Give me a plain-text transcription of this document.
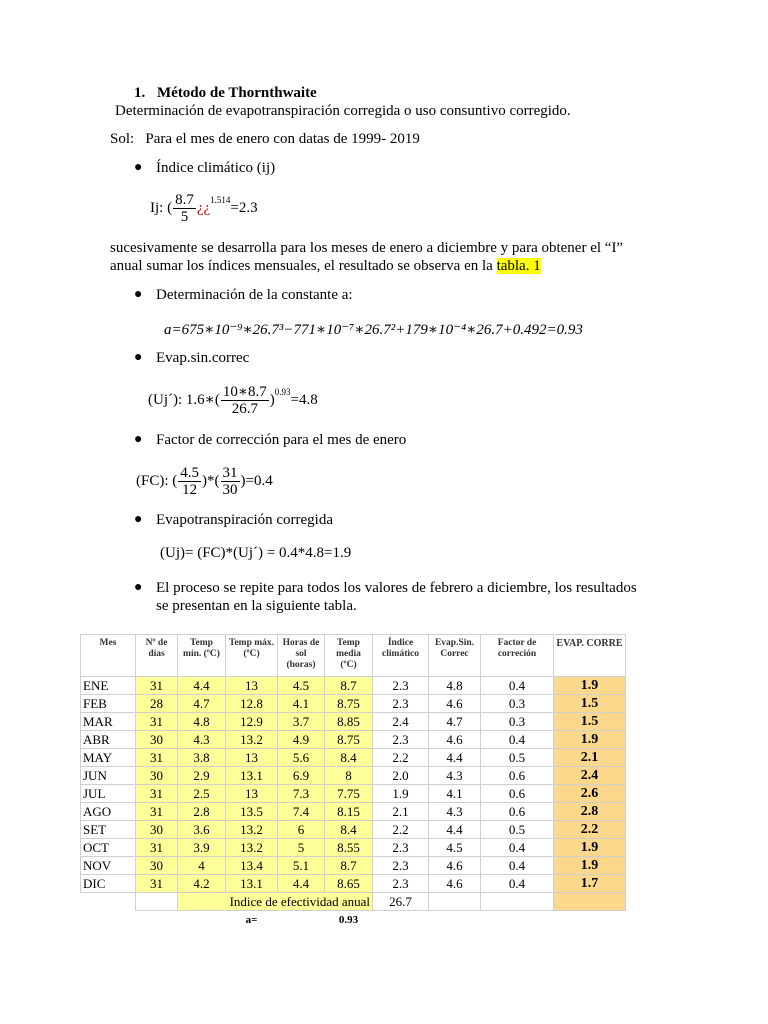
1. Método de Thornthwaite
Determinación de evapotranspiración corregida o uso consuntivo corregido.
Sol:   Para el mes de enero con datas de 1999- 2019
● Índice climático (ij)
Ij: ( $\frac{8.7}{5}$ ¿¿$^{1.514}$=2.3
sucesivamente se desarrolla para los meses de enero a diciembre y para obtener el “I”
anual sumar los índices mensuales, el resultado se observa en la tabla. 1
● Determinación de la constante a:
a=675∗10⁻⁹∗26.7³−771∗10⁻⁷∗26.7²+179∗10⁻⁴∗26.7+0.492=0.93
● Evap.sin.correc
(Uj´): 1.6∗( $\frac{10∗8.7}{26.7} )^{0.93}=4.8$
● Factor de corrección para el mes de enero
(FC): ( $\frac{4.5}{12}$ )*( $\frac{31}{30} )=0.4$
● Evapotranspiración corregida
(Uj)= (FC)*(Uj´) = 0.4*4.8=1.9
● El proceso se repite para todos los valores de febrero a diciembre, los resultados
se presentan en la siguiente tabla.
Mes	Nº de días	Temp mín. (ºC)	Temp máx. (ºC)	Horas de sol (horas)	Temp media (ºC)	Índice climático	Evap.Sin. Correc	Factor de correción	EVAP. CORRE
ENE	31	4.4	13	4.5	8.7	2.3	4.8	0.4	1.9
FEB	28	4.7	12.8	4.1	8.75	2.3	4.6	0.3	1.5
MAR	31	4.8	12.9	3.7	8.85	2.4	4.7	0.3	1.5
ABR	30	4.3	13.2	4.9	8.75	2.3	4.6	0.4	1.9
MAY	31	3.8	13	5.6	8.4	2.2	4.4	0.5	2.1
JUN	30	2.9	13.1	6.9	8	2.0	4.3	0.6	2.4
JUL	31	2.5	13	7.3	7.75	1.9	4.1	0.6	2.6
AGO	31	2.8	13.5	7.4	8.15	2.1	4.3	0.6	2.8
SET	30	3.6	13.2	6	8.4	2.2	4.4	0.5	2.2
OCT	31	3.9	13.2	5	8.55	2.3	4.5	0.4	1.9
NOV	30	4	13.4	5.1	8.7	2.3	4.6	0.4	1.9
DIC	31	4.2	13.1	4.4	8.65	2.3	4.6	0.4	1.7
		Indice de efectividad anual				26.7			
			a=		0.93				
